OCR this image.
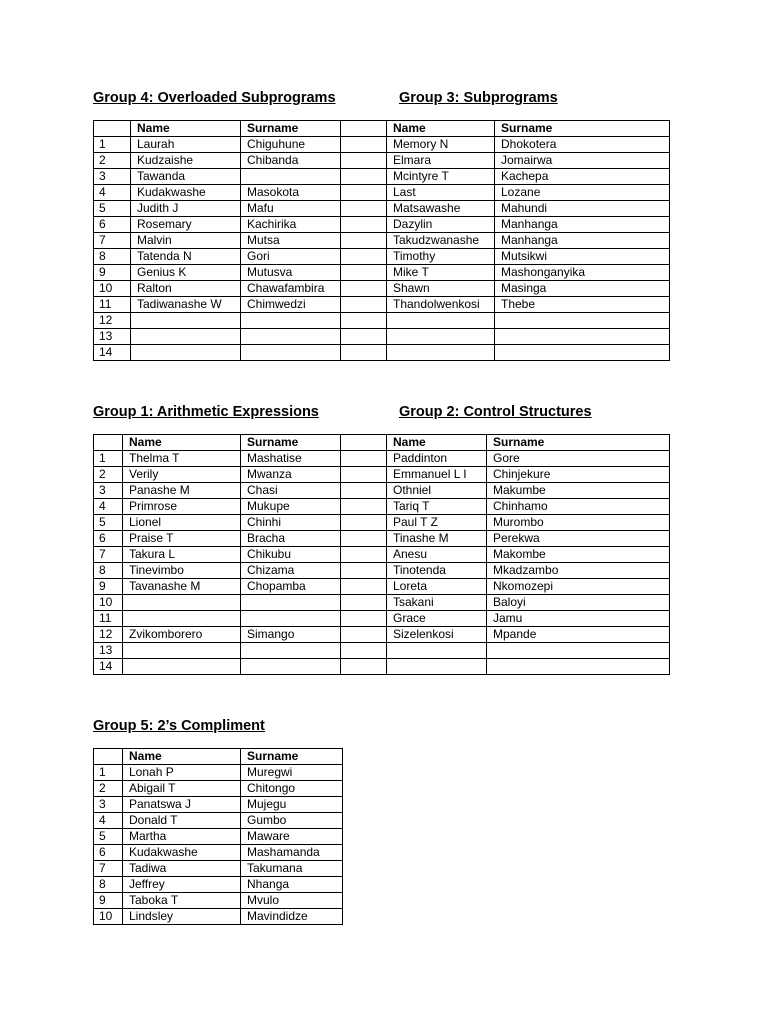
Group 4: Overloaded Subprograms	Group 3: Subprograms
	Name	Surname		Name	Surname
1	Laurah	Chiguhune		Memory N	Dhokotera
2	Kudzaishe	Chibanda		Elmara	Jomairwa
3	Tawanda			Mcintyre T	Kachepa
4	Kudakwashe	Masokota		Last	Lozane
5	Judith J	Mafu		Matsawashe	Mahundi
6	Rosemary	Kachirika		Dazylin	Manhanga
7	Malvin	Mutsa		Takudzwanashe	Manhanga
8	Tatenda N	Gori		Timothy	Mutsikwi
9	Genius K	Mutusva		Mike T	Mashonganyika
10	Ralton	Chawafambira		Shawn	Masinga
11	Tadiwanashe W	Chimwedzi		Thandolwenkosi	Thebe
12					
13					
14					
Group 1: Arithmetic Expressions	Group 2: Control Structures
	Name	Surname		Name	Surname
1	Thelma T	Mashatise		Paddinton	Gore
2	Verily	Mwanza		Emmanuel L I	Chinjekure
3	Panashe M	Chasi		Othniel	Makumbe
4	Primrose	Mukupe		Tariq T	Chinhamo
5	Lionel	Chinhi		Paul T Z	Murombo
6	Praise T	Bracha		Tinashe M	Perekwa
7	Takura L	Chikubu		Anesu	Makombe
8	Tinevimbo	Chizama		Tinotenda	Mkadzambo
9	Tavanashe M	Chopamba		Loreta	Nkomozepi
10				Tsakani	Baloyi
11				Grace	Jamu
12	Zvikomborero	Simango		Sizelenkosi	Mpande
13					
14					
Group 5: 2’s Compliment
	Name	Surname
1	Lonah P	Muregwi
2	Abigail T	Chitongo
3	Panatswa J	Mujegu
4	Donald T	Gumbo
5	Martha	Maware
6	Kudakwashe	Mashamanda
7	Tadiwa	Takumana
8	Jeffrey	Nhanga
9	Taboka T	Mvulo
10	Lindsley	Mavindidze
